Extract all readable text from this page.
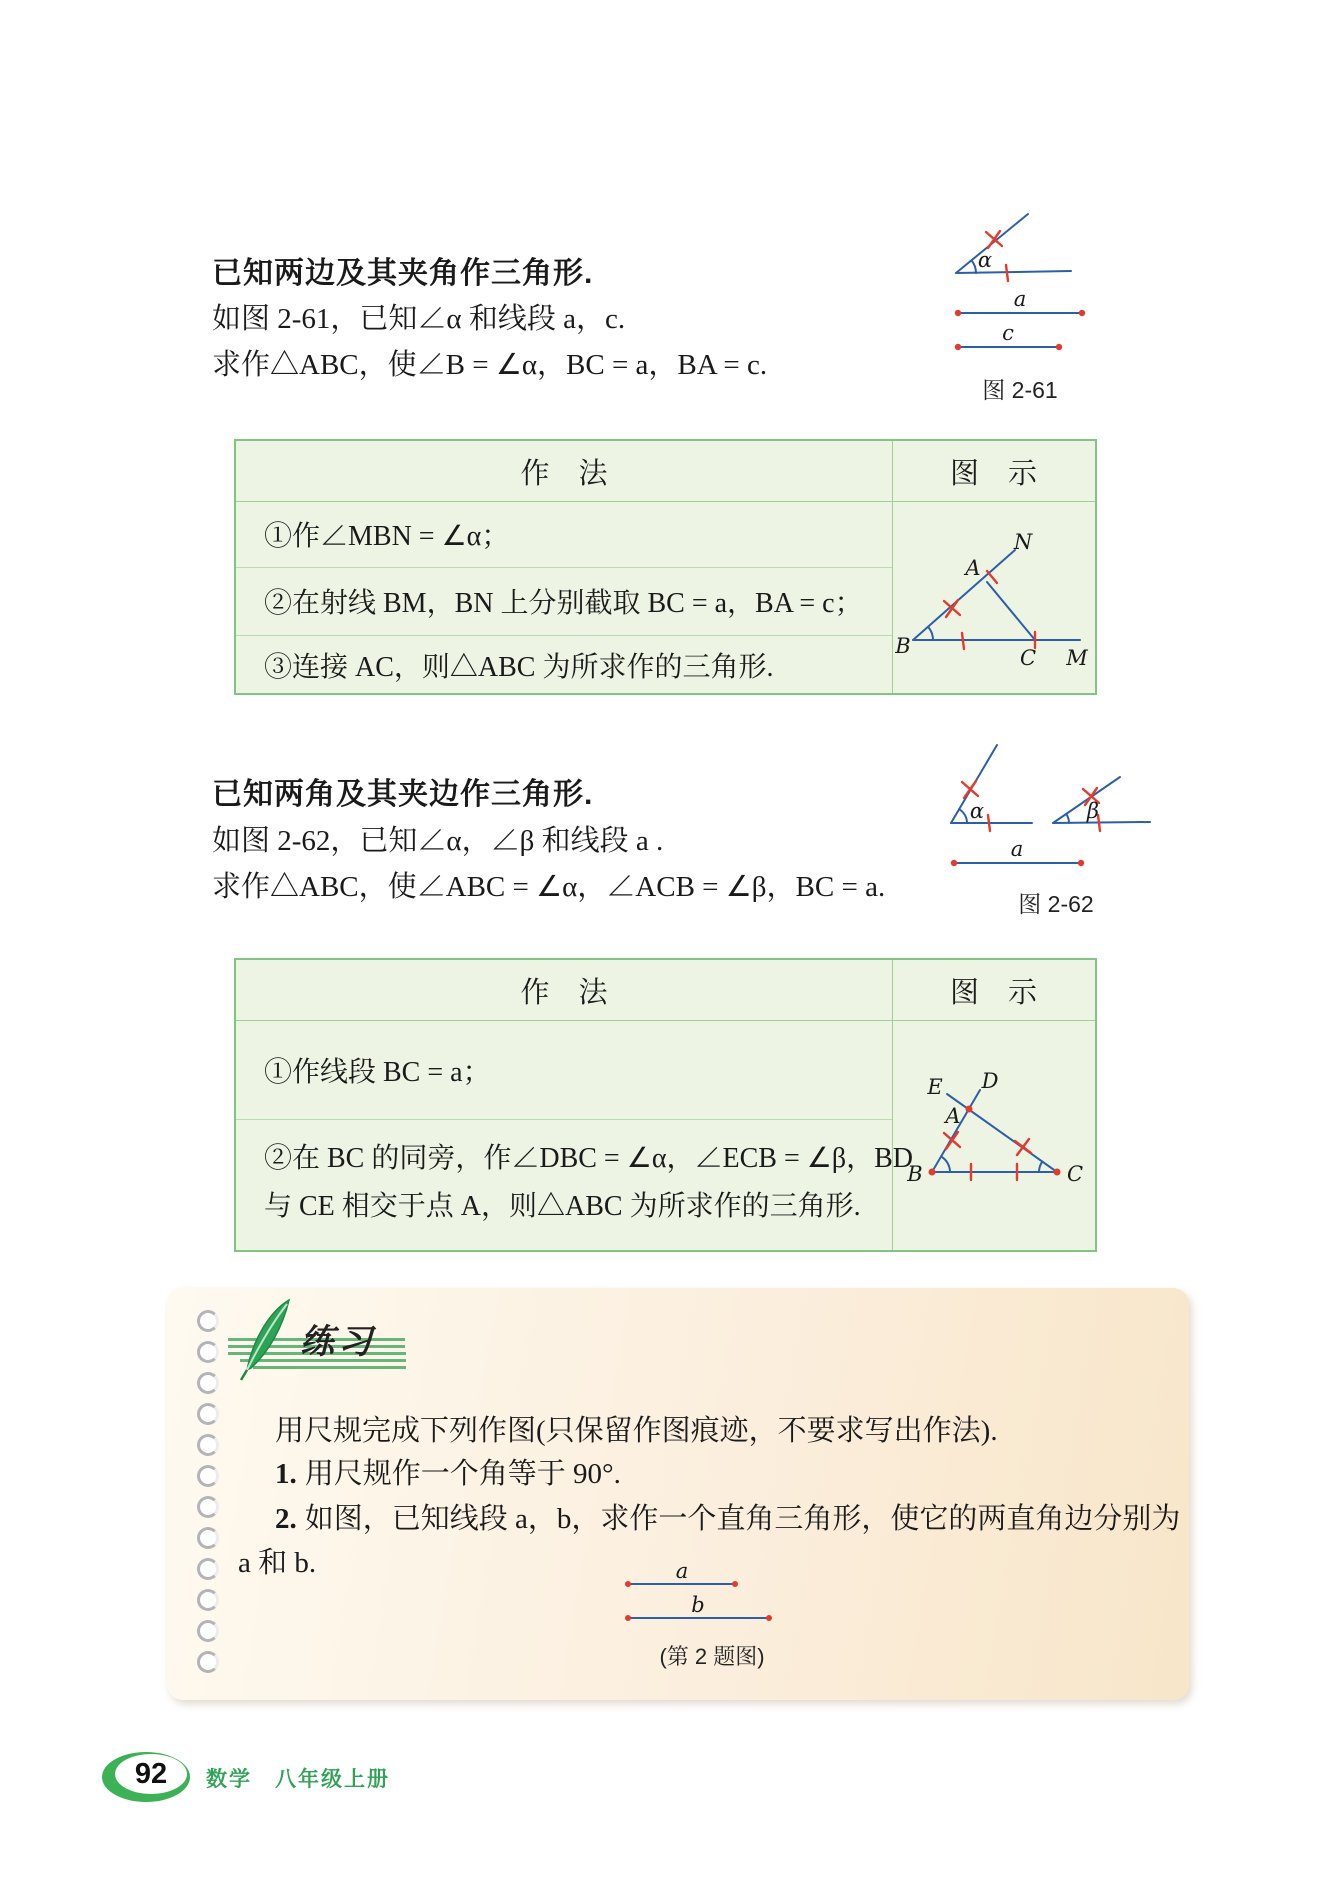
已知两边及其夹角作三角形.
如图 2-61，已知∠α 和线段 a，c.
求作△ABC，使∠B = ∠α，BC = a，BA = c.
α
a
c
图 2-61
作　法	图　示
①作∠MBN = ∠α；
②在射线 BM，BN 上分别截取 BC = a，BA = c；
③连接 AC，则△ABC 为所求作的三角形.
N
A
B	C M
已知两角及其夹边作三角形.
如图 2-62，已知∠α，∠β 和线段 a .
求作△ABC，使∠ABC = ∠α，∠ACB = ∠β，BC = a.
α	β
a
图 2-62
作　法	图　示
①作线段 BC = a；
②在 BC 的同旁，作∠DBC = ∠α，∠ECB = ∠β，BD
与 CE 相交于点 A，则△ABC 为所求作的三角形.
E D
A
B	C
练习
用尺规完成下列作图(只保留作图痕迹，不要求写出作法).
1. 用尺规作一个角等于 90°.
2. 如图，已知线段 a，b，求作一个直角三角形，使它的两直角边分别为
a 和 b.	a
b
(第 2 题图)
92	数学　八年级上册
